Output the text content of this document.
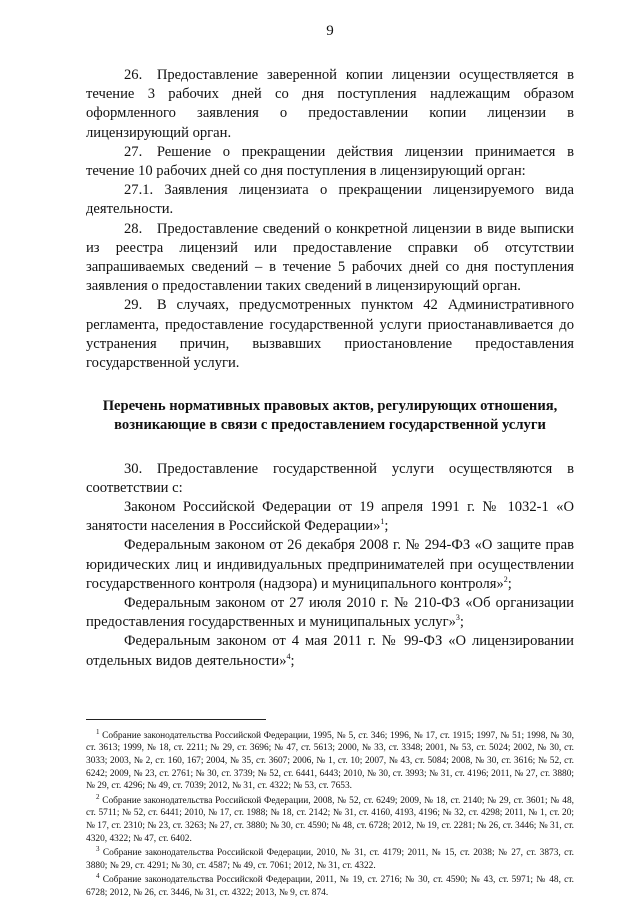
9

26. Предоставление заверенной копии лицензии осуществляется в течение 3 рабочих дней со дня поступления надлежащим образом оформленного заявления о предоставлении копии лицензии в лицензирующий орган.

27. Решение о прекращении действия лицензии принимается в течение 10 рабочих дней со дня поступления в лицензирующий орган:

27.1. Заявления лицензиата о прекращении лицензируемого вида деятельности.

28. Предоставление сведений о конкретной лицензии в виде выписки из реестра лицензий или предоставление справки об отсутствии запрашиваемых сведений – в течение 5 рабочих дней со дня поступления заявления о предоставлении таких сведений в лицензирующий орган.

29. В случаях, предусмотренных пунктом 42 Административного регламента, предоставление государственной услуги приостанавливается до устранения причин, вызвавших приостановление предоставления государственной услуги.

Перечень нормативных правовых актов, регулирующих отношения,
возникающие в связи с предоставлением государственной услуги

30. Предоставление государственной услуги осуществляются в соответствии с:

Законом Российской Федерации от 19 апреля 1991 г. № 1032-1 «О занятости населения в Российской Федерации»$^1$;

Федеральным законом от 26 декабря 2008 г. № 294-ФЗ «О защите прав юридических лиц и индивидуальных предпринимателей при осуществлении государственного контроля (надзора) и муниципального контроля»$^2$;

Федеральным законом от 27 июля 2010 г. № 210-ФЗ «Об организации предоставления государственных и муниципальных услуг»$^3$;

Федеральным законом от 4 мая 2011 г. № 99-ФЗ «О лицензировании отдельных видов деятельности»$^4$;

$^1$ Собрание законодательства Российской Федерации, 1995, № 5, ст. 346; 1996, № 17, ст. 1915; 1997, № 51; 1998, № 30, ст. 3613; 1999, № 18, ст. 2211; № 29, ст. 3696; № 47, ст. 5613; 2000, № 33, ст. 3348; 2001, № 53, ст. 5024; 2002, № 30, ст. 3033; 2003, № 2, ст. 160, 167; 2004, № 35, ст. 3607; 2006, № 1, ст. 10; 2007, № 43, ст. 5084; 2008, № 30, ст. 3616; № 52, ст. 6242; 2009, № 23, ст. 2761; № 30, ст. 3739; № 52, ст. 6441, 6443; 2010, № 30, ст. 3993; № 31, ст. 4196; 2011, № 27, ст. 3880; № 29, ст. 4296; № 49, ст. 7039; 2012, № 31, ст. 4322; № 53, ст. 7653.

$^2$ Собрание законодательства Российской Федерации, 2008, № 52, ст. 6249; 2009, № 18, ст. 2140; № 29, ст. 3601; № 48, ст. 5711; № 52, ст. 6441; 2010, № 17, ст. 1988; № 18, ст. 2142; № 31, ст. 4160, 4193, 4196; № 32, ст. 4298; 2011, № 1, ст. 20; № 17, ст. 2310; № 23, ст. 3263; № 27, ст. 3880; № 30, ст. 4590; № 48, ст. 6728; 2012, № 19, ст. 2281; № 26, ст. 3446; № 31, ст. 4320, 4322; № 47, ст. 6402.

$^3$ Собрание законодательства Российской Федерации, 2010, № 31, ст. 4179; 2011, № 15, ст. 2038; № 27, ст. 3873, ст. 3880; № 29, ст. 4291; № 30, ст. 4587; № 49, ст. 7061; 2012, № 31, ст. 4322.

$^4$ Собрание законодательства Российской Федерации, 2011, № 19, ст. 2716; № 30, ст. 4590; № 43, ст. 5971; № 48, ст. 6728; 2012, № 26, ст. 3446, № 31, ст. 4322; 2013, № 9, ст. 874.
